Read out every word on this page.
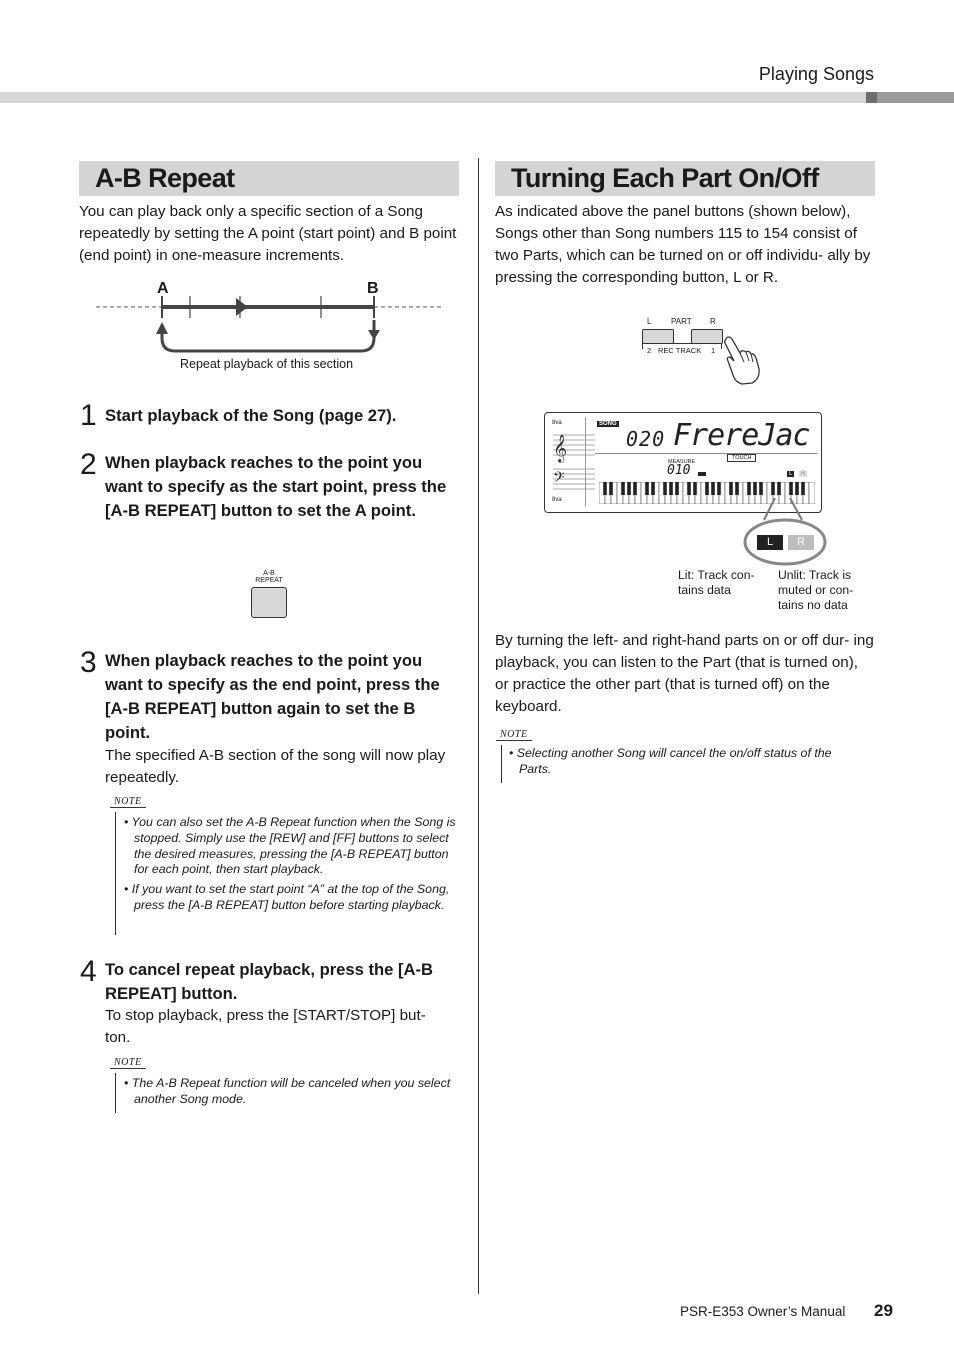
Playing Songs
A-B Repeat
You can play back only a specific section of a Song repeatedly by setting the A point (start point) and B point (end point) in one-measure increments.
A	B
Repeat playback of this section
1 Start playback of the Song (page 27).
2 When playback reaches to the point you want to specify as the start point, press the [A-B REPEAT] button to set the A point.
A-B
REPEAT
3 When playback reaches to the point you want to specify as the end point, press the [A-B REPEAT] button again to set the B point.
The specified A-B section of the song will now play repeatedly.
NOTE

• You can also set the A-B Repeat function when the Song is stopped. Simply use the [REW] and [FF] buttons to select the desired measures, pressing the [A-B REPEAT] button for each point, then start playback.

• If you want to set the start point “A” at the top of the Song, press the [A-B REPEAT] button before starting playback.

4 To cancel repeat playback, press the [A-B REPEAT] button.
To stop playback, press the [START/STOP] but- ton.
NOTE

• The A-B Repeat function will be canceled when you select another Song mode.

Turning Each Part On/Off
As indicated above the panel buttons (shown below), Songs other than Song numbers 115 to 154 consist of two Parts, which can be turned on or off individu- ally by pressing the corresponding button, L or R.
L PART R
2 REC TRACK 1
8va
8va
𝄞
𝄢
SONG
020 FrereJac
MEASURE
010
TOUCH
L	R
L	R
Lit: Track con- tains data
Unlit: Track is muted or con- tains no data
By turning the left- and right-hand parts on or off dur- ing playback, you can listen to the Part (that is turned on), or practice the other part (that is turned off) on the keyboard.
NOTE

• Selecting another Song will cancel the on/off status of the Parts.

PSR-E353 Owner’s Manual 29
